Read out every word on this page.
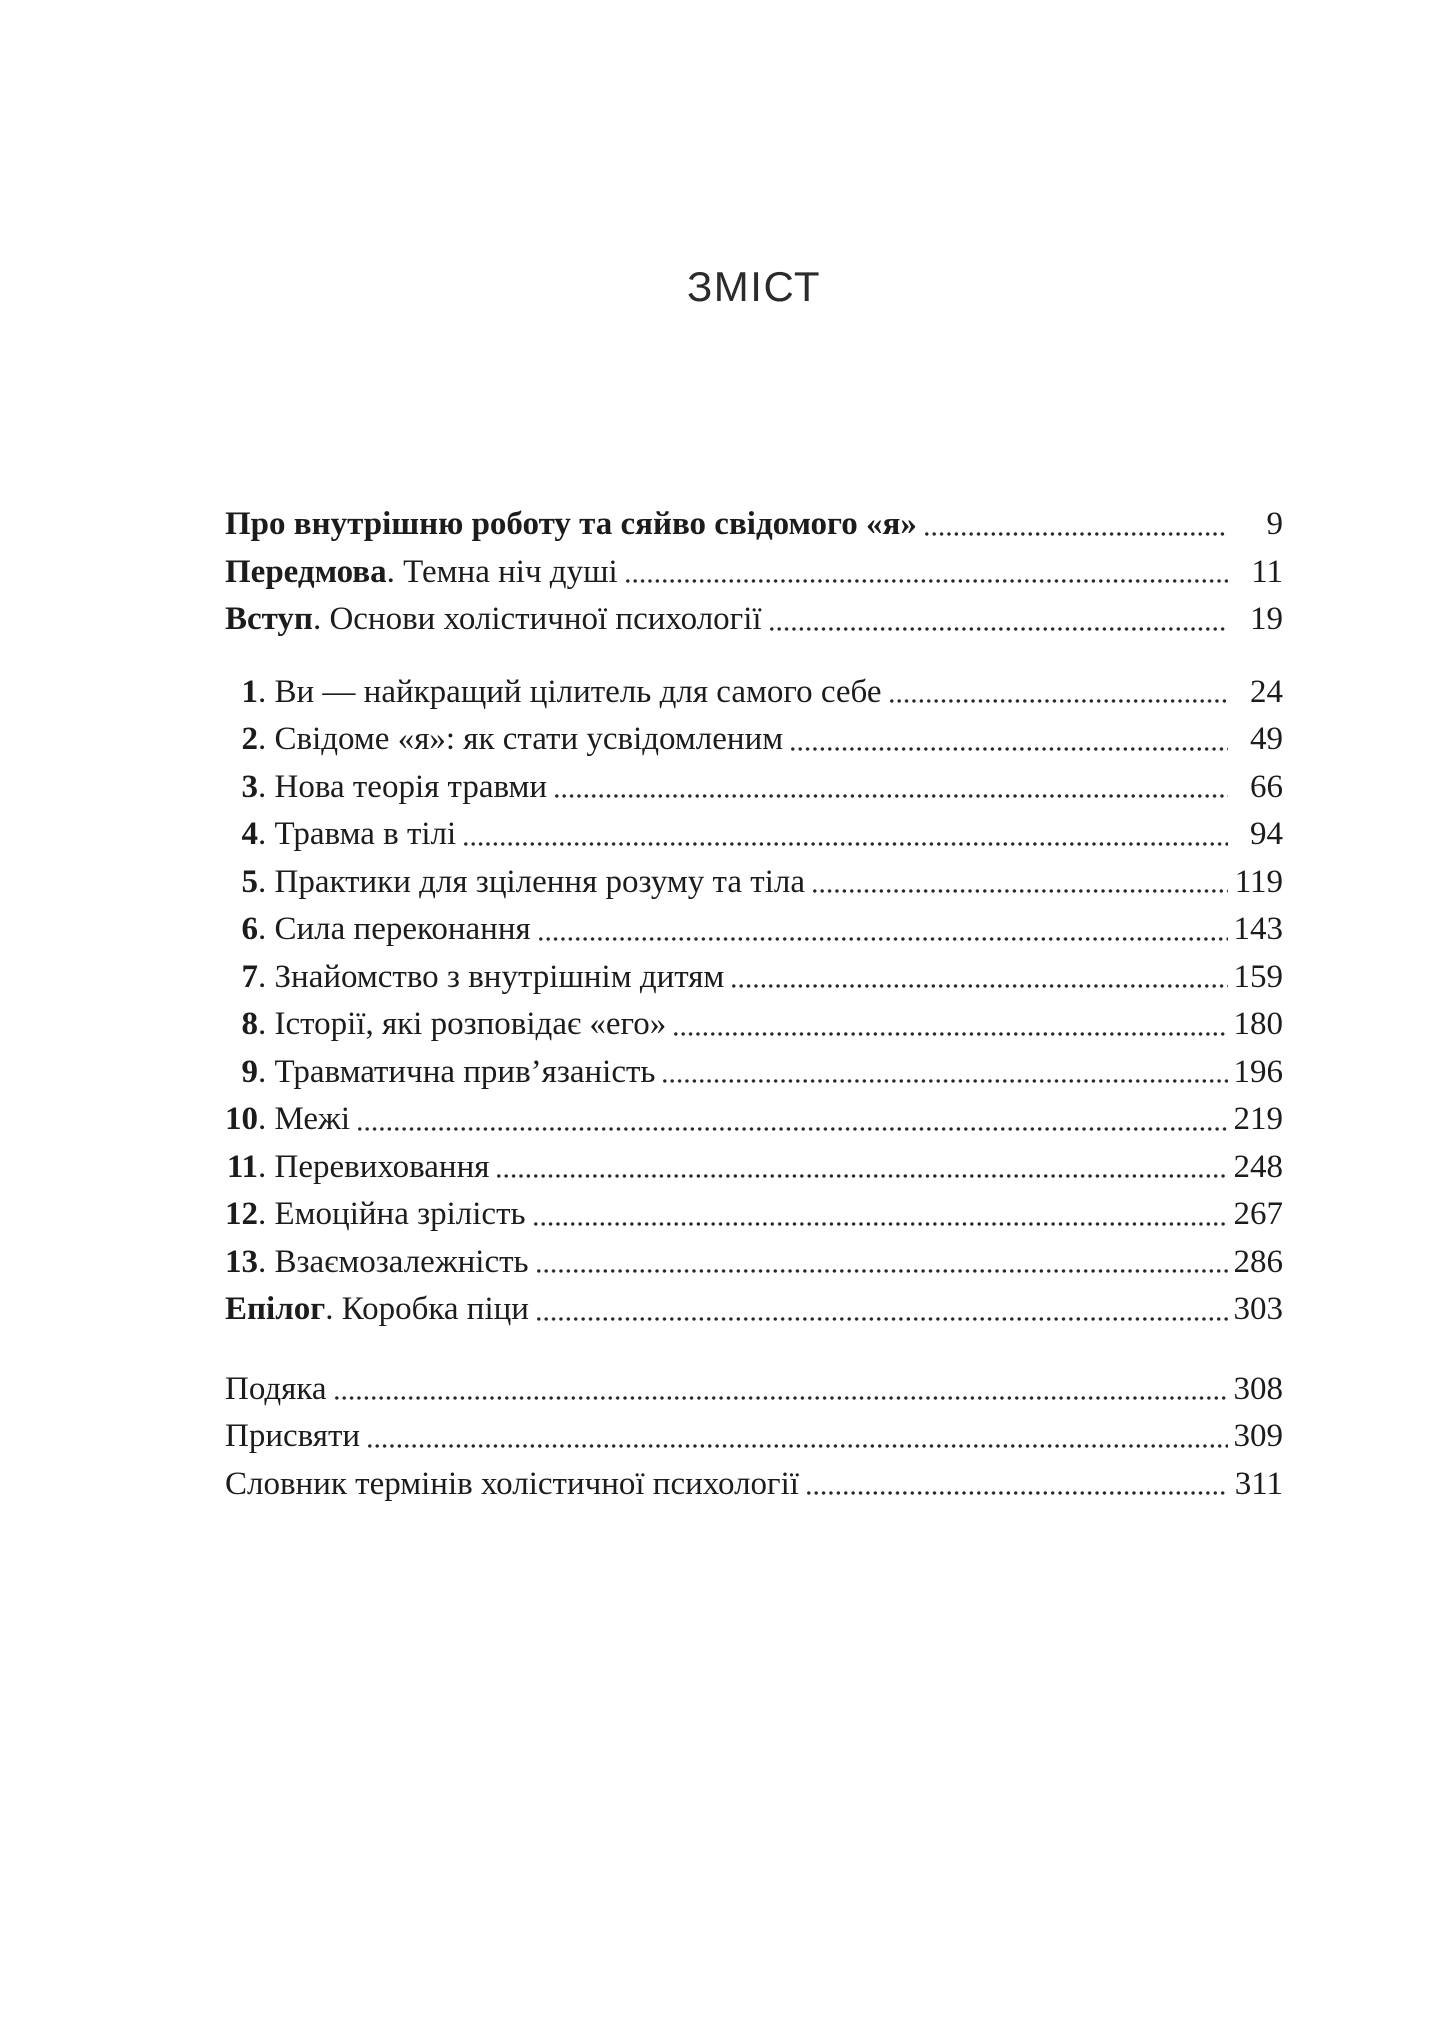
ЗМІСТ
Про внутрішню роботу та сяйво свідомого «я»	9
Передмова . Темна ніч душі	11
Вступ . Основи холістичної психології	19
1 . Ви — найкращий цілитель для самого себе	24
2 . Свідоме «я»: як стати усвідомленим	49
3 . Нова теорія травми	66
4 . Травма в тілі	94
5 . Практики для зцілення розуму та тіла	119
6 . Сила переконання	143
7 . Знайомство з внутрішнім дитям	159
8 . Історії, які розповідає «его»	180
9 . Травматична прив’язаність	196
10 . Межі	219
11 . Перевиховання	248
12 . Емоційна зрілість	267
13 . Взаємозалежність	286
Епілог . Коробка піци	303
Подяка	308
Присвяти	309
Словник термінів холістичної психології	311
